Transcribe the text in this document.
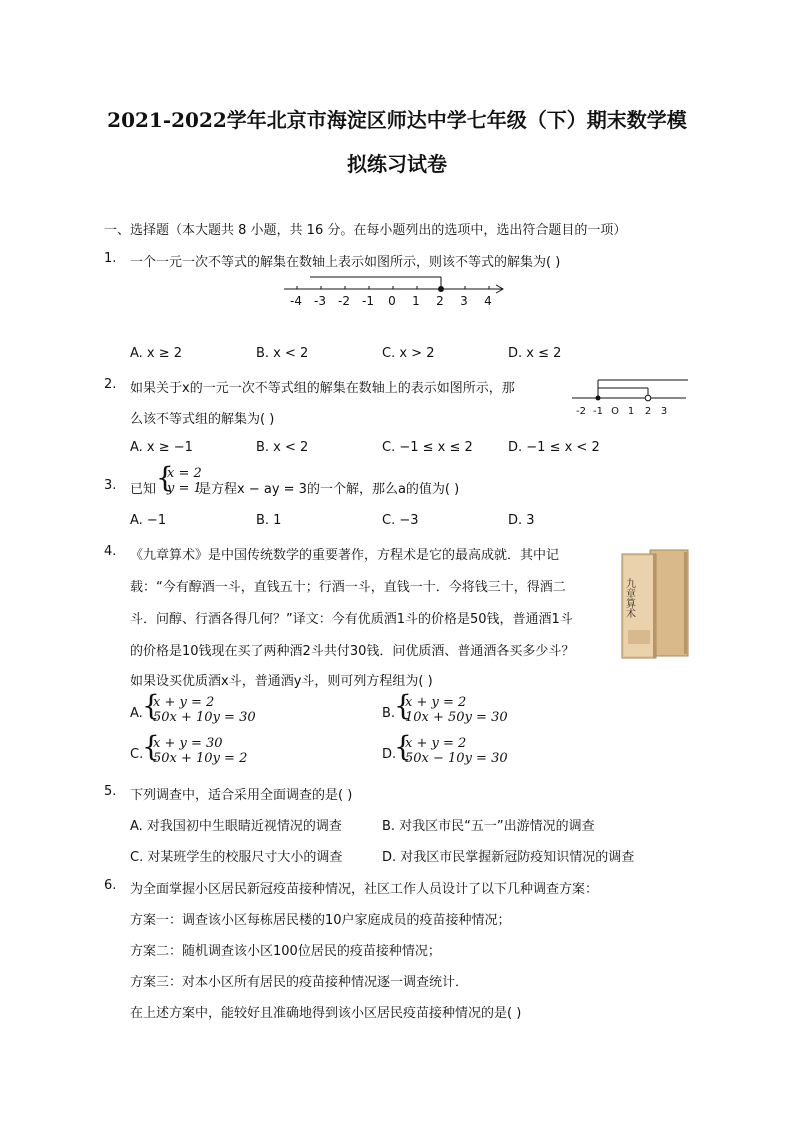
2021-2022学年北京市海淀区师达中学七年级（下）期末数学模
拟练习试卷
一、选择题（本大题共 8 小题，共 16 分。在每小题列出的选项中，选出符合题目的一项）
1. 一个一元一次不等式的解集在数轴上表示如图所示，则该不等式的解集为( )
-4 -3 -2 -1 0 1 2 3 4
A. x ≥ 2	B. x < 2	C. x > 2	D. x ≤ 2
2. 如果关于x的一元一次不等式组的解集在数轴上的表示如图所示，那
么该不等式组的解集为( )
-2 -1 O 1 2 3
A. x ≥ −1	B. x < 2	C. −1 ≤ x ≤ 2	D. −1 ≤ x < 2
3. 已知 {
x = 2
y = 1
是方程x − ay = 3的一个解，那么a的值为( )
A. −1	B. 1	C. −3	D. 3
4. 《九章算术》是中国传统数学的重要著作，方程术是它的最高成就．其中记
载：“今有醇酒一斗，直钱五十；行酒一斗，直钱一十．今将钱三十，得酒二
斗．问醇、行酒各得几何？”译文：今有优质酒1斗的价格是50钱，普通酒1斗
的价格是10钱现在买了两种酒2斗共付30钱．问优质酒、普通酒各买多少斗？
如果设买优质酒x斗，普通酒y斗，则可列方程组为( )
九章算术
A. {
x + y = 2
50x + 10y = 30	B.
{
x + y = 2
10x + 50y = 30
C.
{
x + y = 30
50x + 10y = 2	D.
{
x + y = 2
50x − 10y = 30
5. 下列调查中，适合采用全面调查的是( )
A. 对我国初中生眼睛近视情况的调查	B. 对我区市民“五一”出游情况的调查
C. 对某班学生的校服尺寸大小的调查	D. 对我区市民掌握新冠防疫知识情况的调查
6. 为全面掌握小区居民新冠疫苗接种情况，社区工作人员设计了以下几种调查方案：
方案一：调查该小区每栋居民楼的10户家庭成员的疫苗接种情况；
方案二：随机调查该小区100位居民的疫苗接种情况；
方案三：对本小区所有居民的疫苗接种情况逐一调查统计．
在上述方案中，能较好且准确地得到该小区居民疫苗接种情况的是( )
